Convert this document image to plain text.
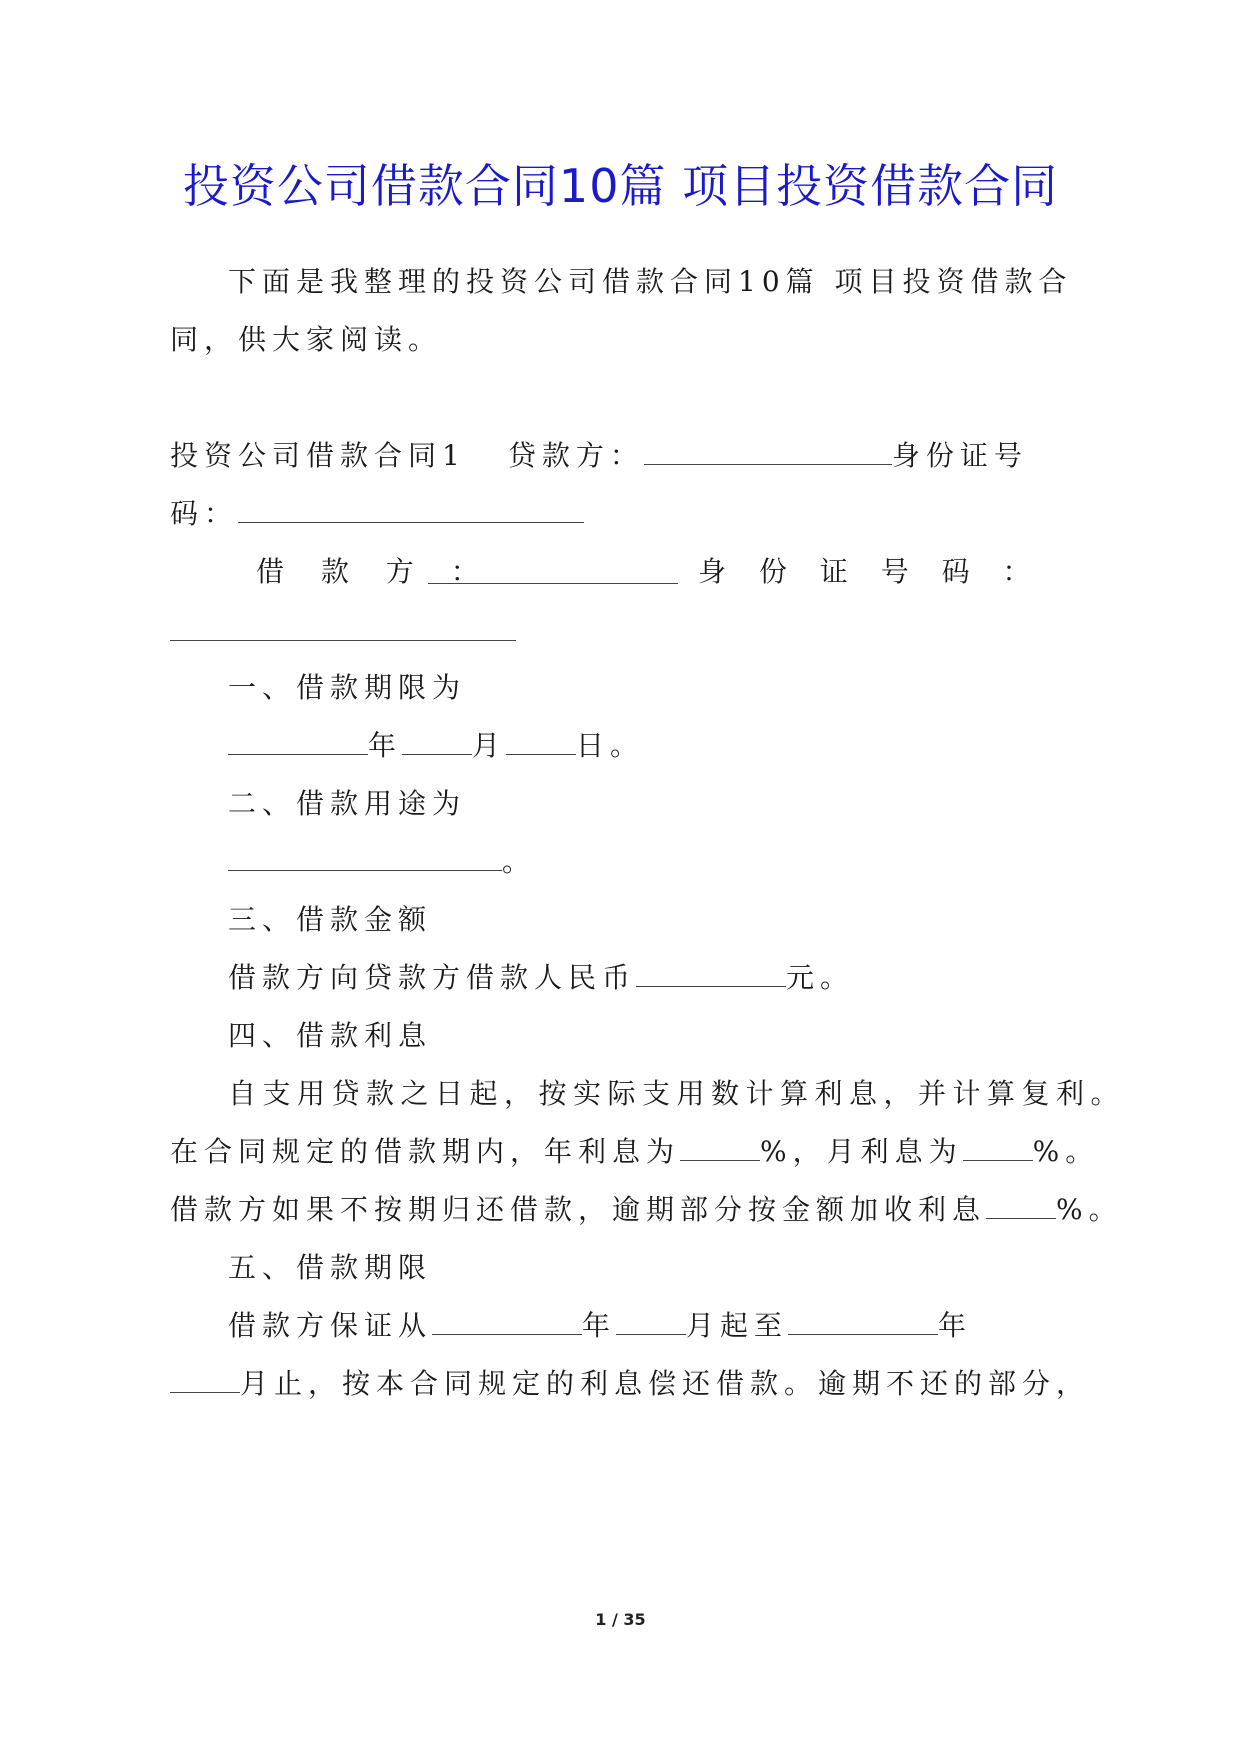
投资公司借款合同10篇 项目投资借款合同
下面是我整理的投资公司借款合同10篇 项目投资借款合
同，供大家阅读。
投资公司借款合同1 贷款方：	身份证号
码：
借 款 方 ：	身 份 证 号 码 ：
一、借款期限为
年	月	日。
二、借款用途为
。
三、借款金额
借款方向贷款方借款人民币	元。
四、借款利息
自支用贷款之日起，按实际支用数计算利息，并计算复利。
在合同规定的借款期内，年利息为	%，月利息为	%。
借款方如果不按期归还借款，逾期部分按金额加收利息	%。
五、借款期限
借款方保证从	年	月起至	年
月止，按本合同规定的利息偿还借款。逾期不还的部分，
1 / 35
